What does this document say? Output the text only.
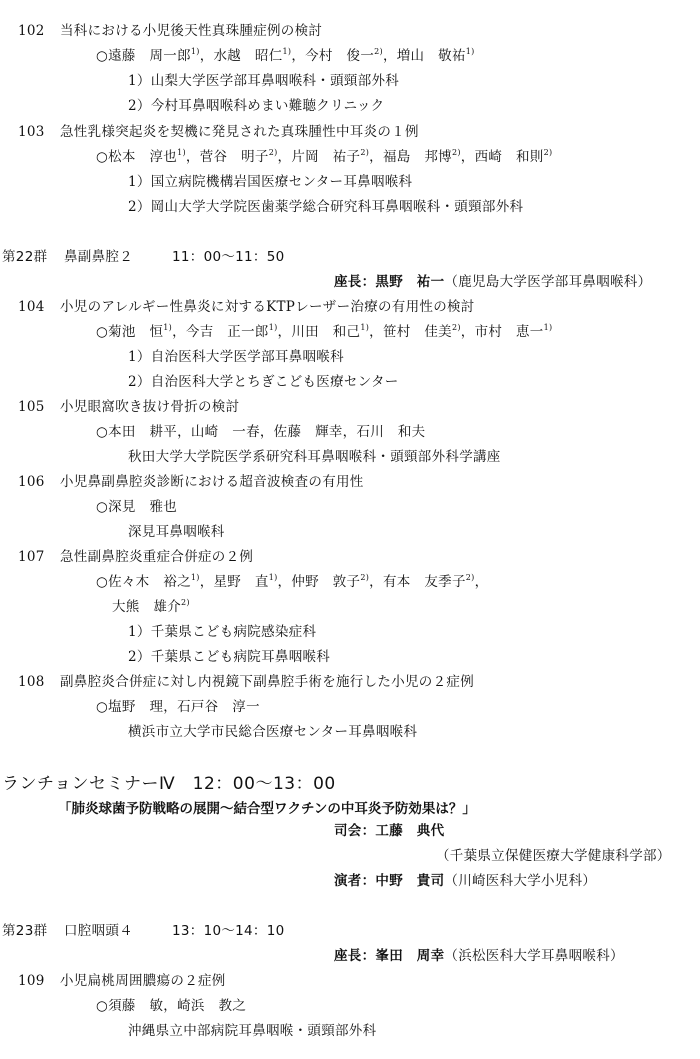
102 当科における小児後天性真珠腫症例の検討
○遠藤　周一郎$^{1)}$，水越　昭仁$^{1)}$，今村　俊一$^{2)}$，増山　敬祐$^{1)}$
1）山梨大学医学部耳鼻咽喉科・頭頸部外科
2）今村耳鼻咽喉科めまい難聴クリニック
103 急性乳様突起炎を契機に発見された真珠腫性中耳炎の１例
○松本　淳也$^{1)}$，菅谷　明子$^{2)}$，片岡　祐子$^{2)}$，福島　邦博$^{2)}$，西崎　和則$^{2)}$
1）国立病院機構岩国医療センター耳鼻咽喉科
2）岡山大学大学院医歯薬学総合研究科耳鼻咽喉科・頭頸部外科
第22群 鼻副鼻腔２	11：00～11：50
座長：黒野　祐一（鹿児島大学医学部耳鼻咽喉科）
104 小児のアレルギー性鼻炎に対するKTPレーザー治療の有用性の検討
○菊池　恒$^{1)}$，今吉　正一郎$^{1)}$，川田　和己$^{1)}$，笹村　佳美$^{2)}$，市村　恵一$^{1)}$
1）自治医科大学医学部耳鼻咽喉科
2）自治医科大学とちぎこども医療センター
105 小児眼窩吹き抜け骨折の検討
○本田　耕平，山崎　一春，佐藤　輝幸，石川　和夫
秋田大学大学院医学系研究科耳鼻咽喉科・頭頸部外科学講座
106 小児鼻副鼻腔炎診断における超音波検査の有用性
○深見　雅也
深見耳鼻咽喉科
107 急性副鼻腔炎重症合併症の２例
○佐々木　裕之$^{1)}$，星野　直$^{1)}$，仲野　敦子$^{2)}$，有本　友季子$^{2)}$，
大熊　雄介$^{2)}$
1）千葉県こども病院感染症科
2）千葉県こども病院耳鼻咽喉科
108 副鼻腔炎合併症に対し内視鏡下副鼻腔手術を施行した小児の２症例
○塩野　理，石戸谷　淳一
横浜市立大学市民総合医療センター耳鼻咽喉科
ランチョンセミナーⅣ　12：00～13：00
「肺炎球菌予防戦略の展開～結合型ワクチンの中耳炎予防効果は？」
司会：工藤　典代
（千葉県立保健医療大学健康科学部）
演者：中野　貴司（川崎医科大学小児科）
第23群 口腔咽頭４	13：10～14：10
座長：峯田　周幸（浜松医科大学耳鼻咽喉科）
109 小児扁桃周囲膿瘍の２症例
○須藤　敏，崎浜　教之
沖縄県立中部病院耳鼻咽喉・頭頸部外科
